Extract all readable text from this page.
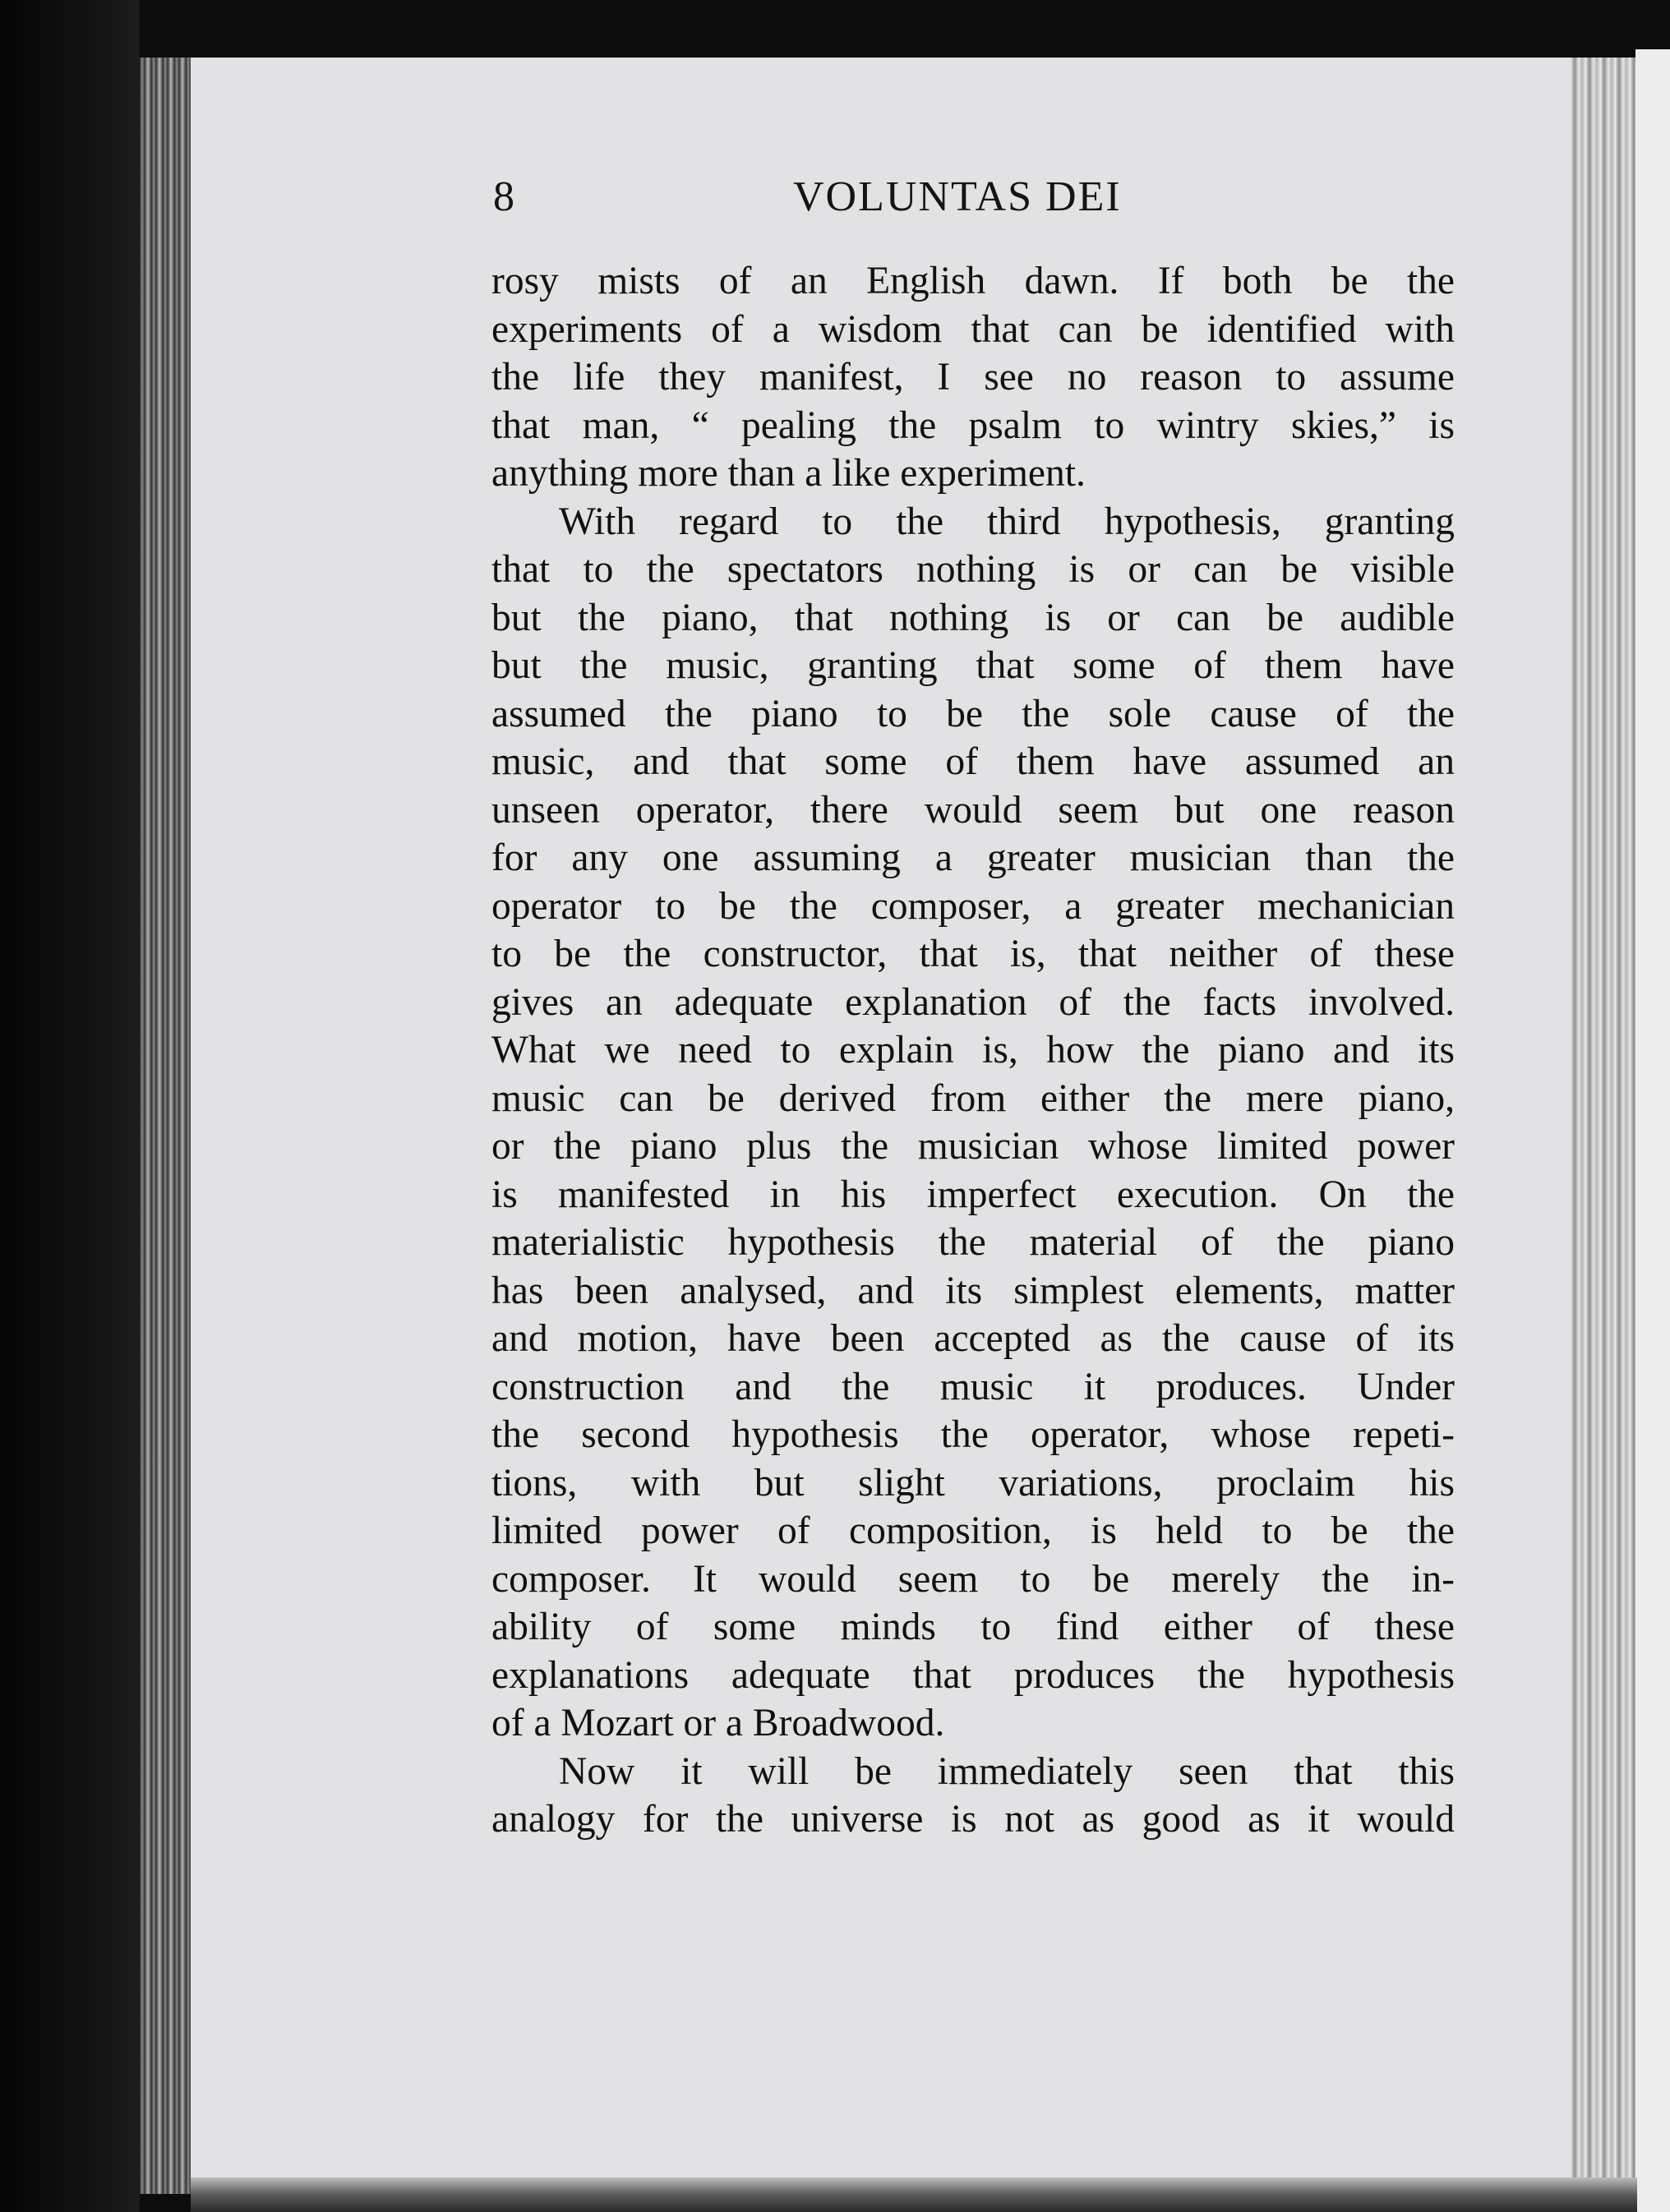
8	VOLUNTAS DEI
rosy mists of an English dawn. If both be the
experiments of a wisdom that can be identified with
the life they manifest, I see no reason to assume
that man, “ pealing the psalm to wintry skies,” is
anything more than a like experiment.
With regard to the third hypothesis, granting
that to the spectators nothing is or can be visible
but the piano, that nothing is or can be audible
but the music, granting that some of them have
assumed the piano to be the sole cause of the
music, and that some of them have assumed an
unseen operator, there would seem but one reason
for any one assuming a greater musician than the
operator to be the composer, a greater mechanician
to be the constructor, that is, that neither of these
gives an adequate explanation of the facts involved.
What we need to explain is, how the piano and its
music can be derived from either the mere piano,
or the piano plus the musician whose limited power
is manifested in his imperfect execution. On the
materialistic hypothesis the material of the piano
has been analysed, and its simplest elements, matter
and motion, have been accepted as the cause of its
construction and the music it produces. Under
the second hypothesis the operator, whose repeti-
tions, with but slight variations, proclaim his
limited power of composition, is held to be the
composer. It would seem to be merely the in-
ability of some minds to find either of these
explanations adequate that produces the hypothesis
of a Mozart or a Broadwood.
Now it will be immediately seen that this
analogy for the universe is not as good as it would
